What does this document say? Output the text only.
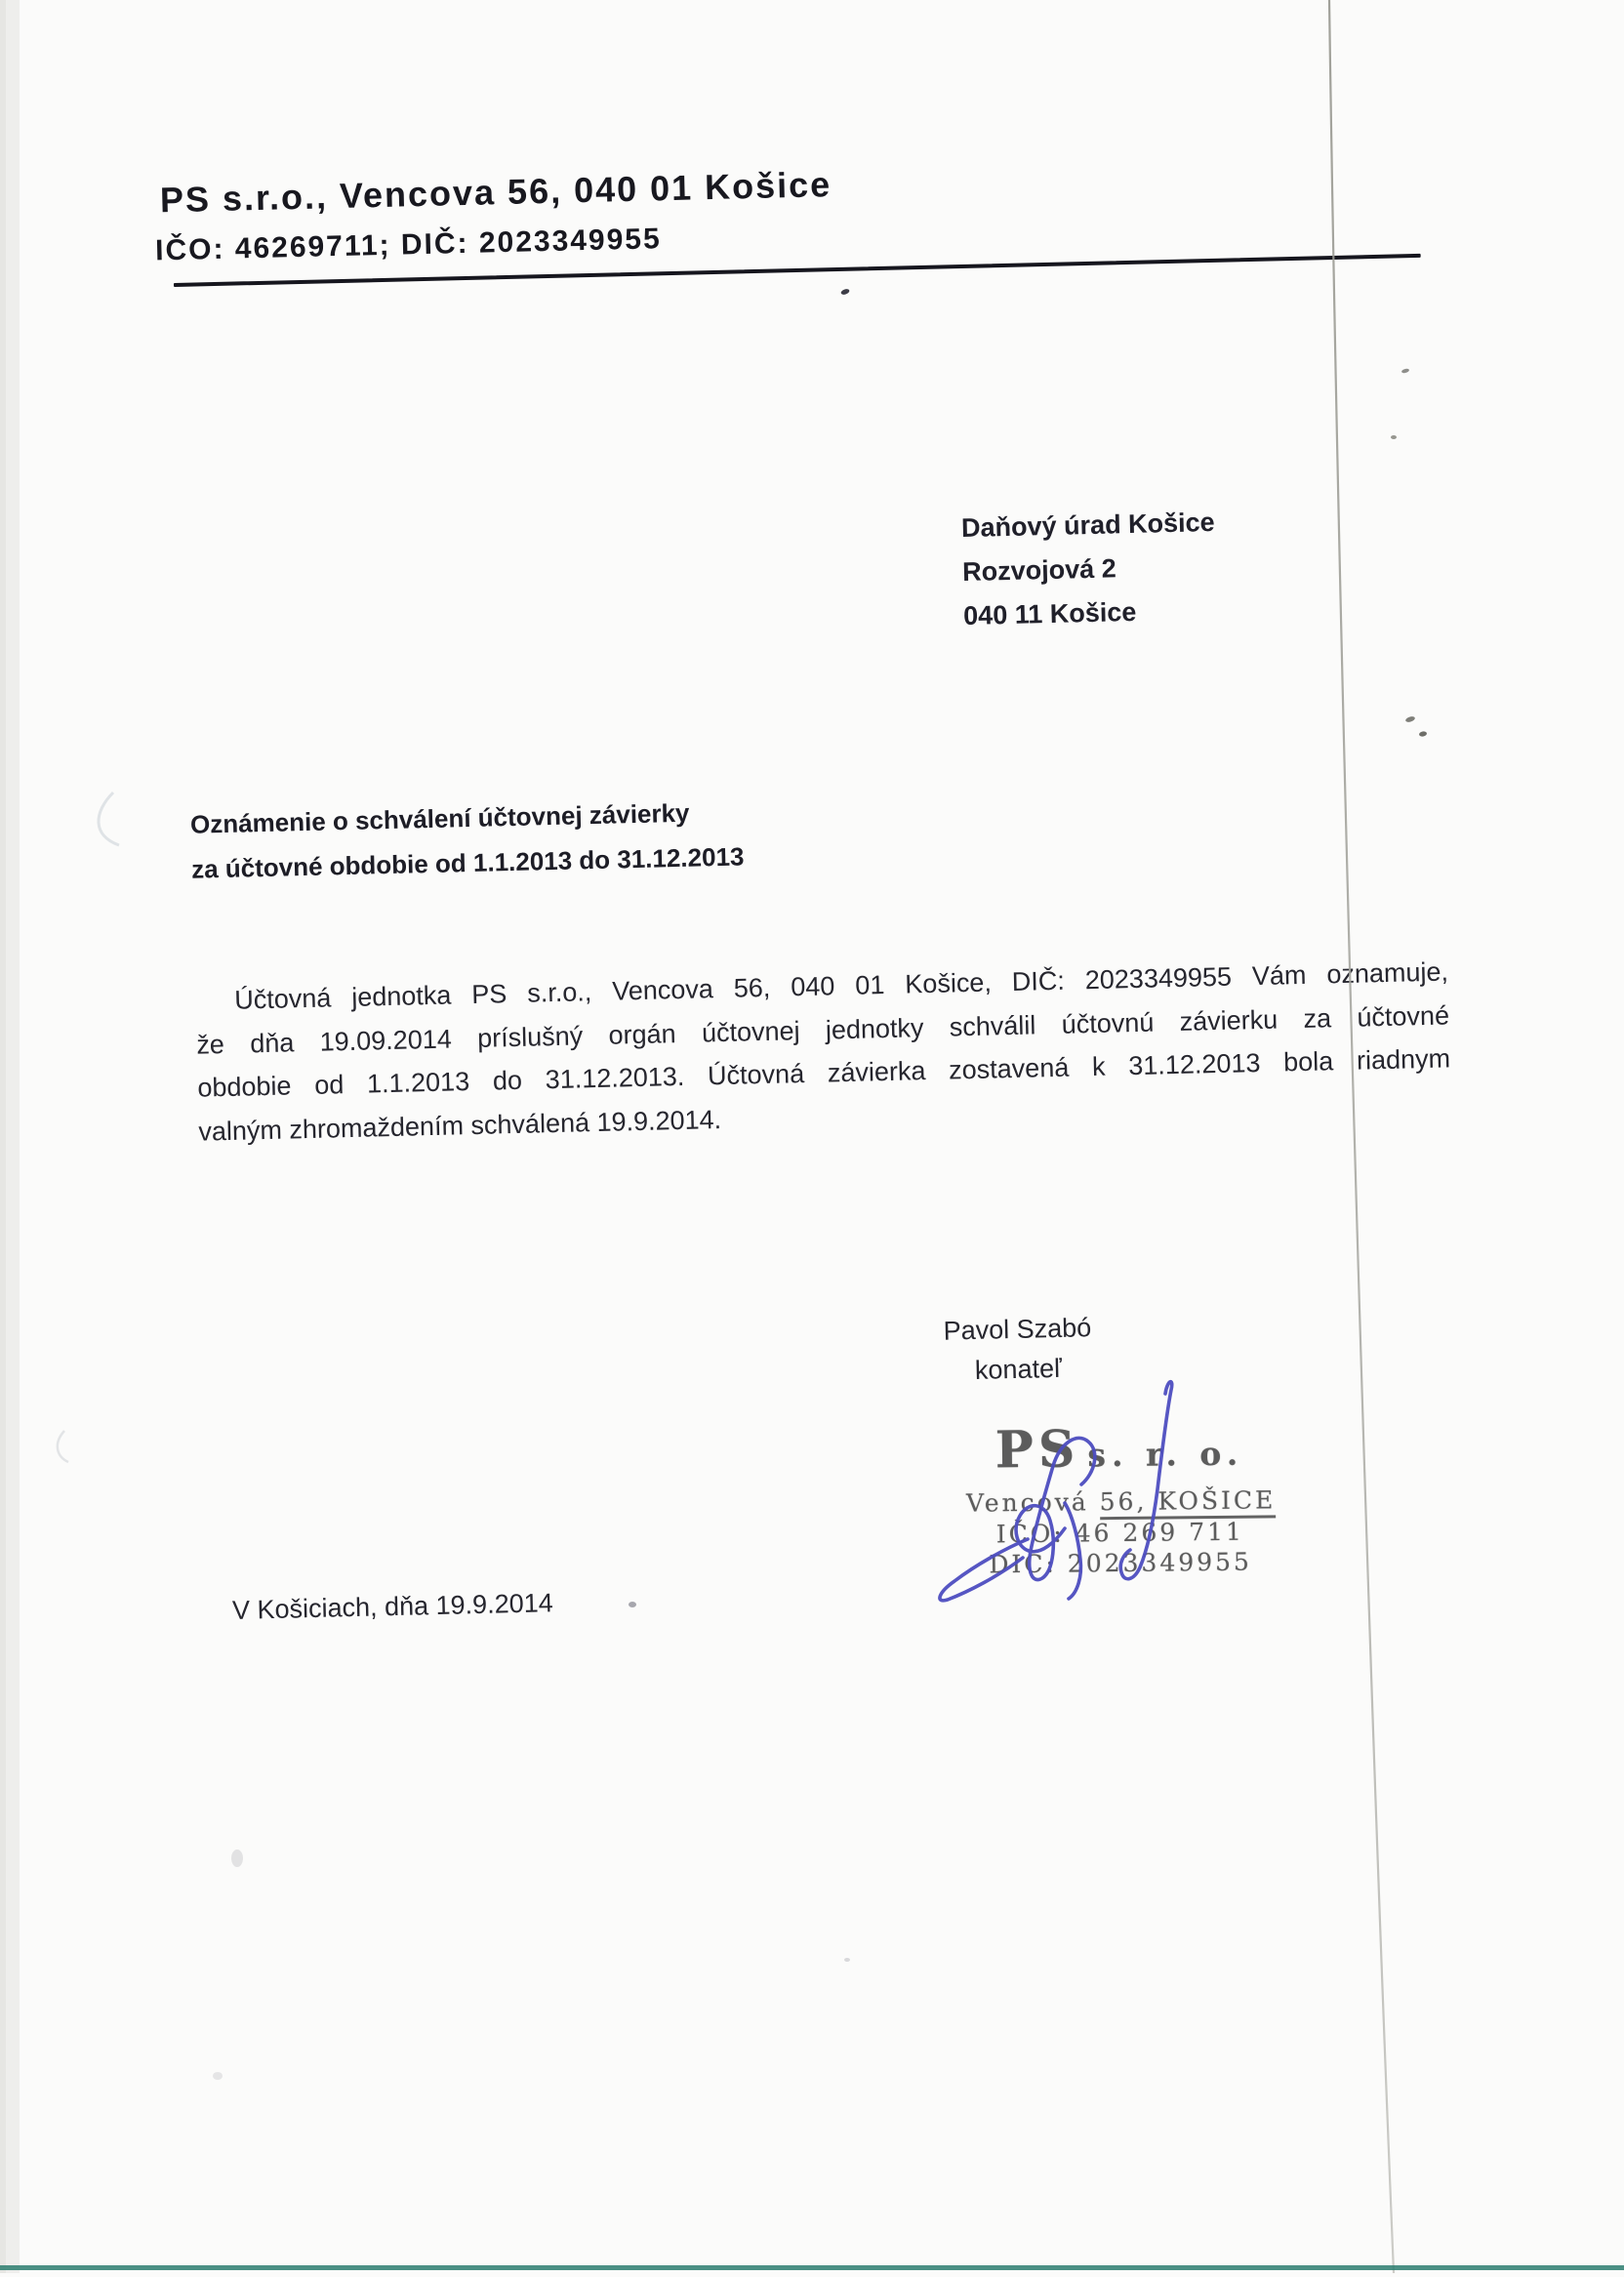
PS s.r.o., Vencova 56, 040 01 Košice
IČO: 46269711; DIČ: 2023349955
Daňový úrad Košice
Rozvojová 2
040 11 Košice
Oznámenie o schválení účtovnej závierky
za účtovné obdobie od 1.1.2013 do 31.12.2013
Účtovná jednotka PS s.r.o., Vencova 56, 040 01 Košice, DIČ: 2023349955 Vám oznamuje,
že dňa 19.09.2014 príslušný orgán účtovnej jednotky schválil účtovnú závierku za účtovné
obdobie od 1.1.2013 do 31.12.2013. Účtovná závierka zostavená k 31.12.2013 bola riadnym
valným zhromaždením schválená 19.9.2014.
Pavol Szabó
konateľ
V Košiciach, dňa 19.9.2014
PS s. r. o.
Vencová 56, KOŠICE
IČO: 46 269 711
DIČ: 2023349955
